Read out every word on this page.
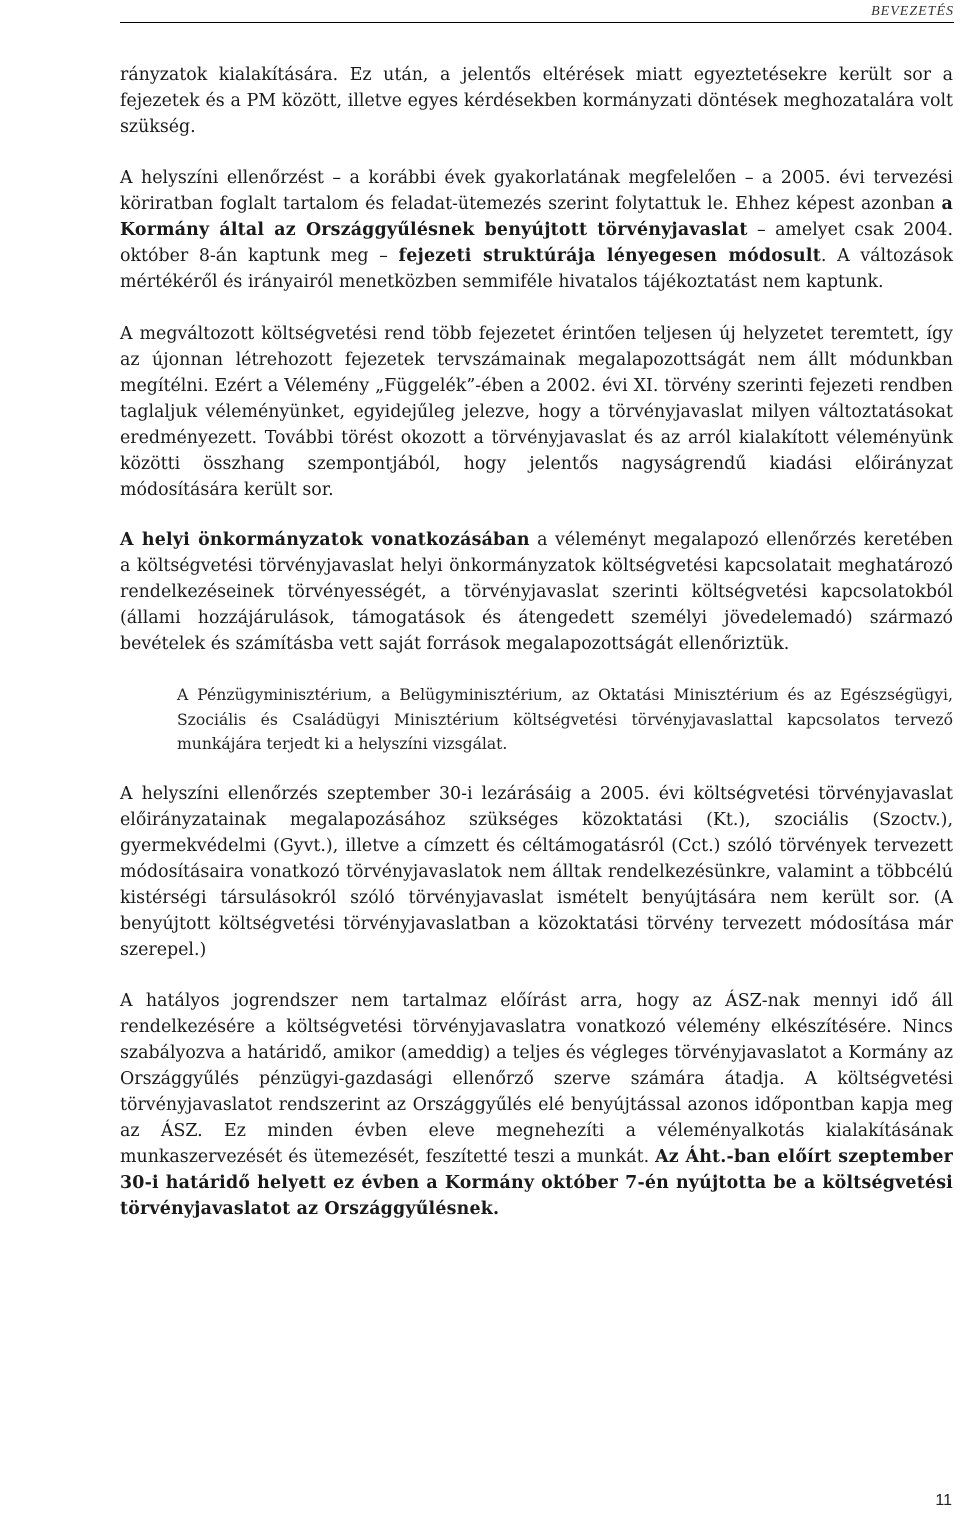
BEVEZETÉS

rányzatok kialakítására. Ez után, a jelentős eltérések miatt egyeztetésekre került sor a fejezetek és a PM között, illetve egyes kérdésekben kormányzati döntések meghozatalára volt szükség.

A helyszíni ellenőrzést – a korábbi évek gyakorlatának megfelelően – a 2005. évi tervezési köriratban foglalt tartalom és feladat-ütemezés szerint folytattuk le. Ehhez képest azonban a Kormány által az Országgyűlésnek benyújtott törvényjavaslat – amelyet csak 2004. október 8-án kaptunk meg – fejezeti struktúrája lényegesen módosult. A változások mértékéről és irányairól menetközben semmiféle hivatalos tájékoztatást nem kaptunk.

A megváltozott költségvetési rend több fejezetet érintően teljesen új helyzetet teremtett, így az újonnan létrehozott fejezetek tervszámainak megalapozottságát nem állt módunkban megítélni. Ezért a Vélemény „Függelék”-ében a 2002. évi XI. törvény szerinti fejezeti rendben taglaljuk véleményünket, egyidejűleg jelezve, hogy a törvényjavaslat milyen változtatásokat eredményezett. További törést okozott a törvényjavaslat és az arról kialakított véleményünk közötti összhang szempontjából, hogy jelentős nagyságrendű kiadási előirányzat módosítására került sor.

A helyi önkormányzatok vonatkozásában a véleményt megalapozó ellenőrzés keretében a költségvetési törvényjavaslat helyi önkormányzatok költségvetési kapcsolatait meghatározó rendelkezéseinek törvényességét, a törvényjavaslat szerinti költségvetési kapcsolatokból (állami hozzájárulások, támogatások és átengedett személyi jövedelemadó) származó bevételek és számításba vett saját források megalapozottságát ellenőriztük.

A Pénzügyminisztérium, a Belügyminisztérium, az Oktatási Minisztérium és az Egészségügyi, Szociális és Családügyi Minisztérium költségvetési törvényjavaslattal kapcsolatos tervező munkájára terjedt ki a helyszíni vizsgálat.

A helyszíni ellenőrzés szeptember 30-i lezárásáig a 2005. évi költségvetési törvényjavaslat előirányzatainak megalapozásához szükséges közoktatási (Kt.), szociális (Szoctv.), gyermekvédelmi (Gyvt.), illetve a címzett és céltámogatásról (Cct.) szóló törvények tervezett módosításaira vonatkozó törvényjavaslatok nem álltak rendelkezésünkre, valamint a többcélú kistérségi társulásokról szóló törvényjavaslat ismételt benyújtására nem került sor. (A benyújtott költségvetési törvényjavaslatban a közoktatási törvény tervezett módosítása már szerepel.)

A hatályos jogrendszer nem tartalmaz előírást arra, hogy az ÁSZ-nak mennyi idő áll rendelkezésére a költségvetési törvényjavaslatra vonatkozó vélemény elkészítésére. Nincs szabályozva a határidő, amikor (ameddig) a teljes és végleges törvényjavaslatot a Kormány az Országgyűlés pénzügyi-gazdasági ellenőrző szerve számára átadja. A költségvetési törvényjavaslatot rendszerint az Országgyűlés elé benyújtással azonos időpontban kapja meg az ÁSZ. Ez minden évben eleve megnehezíti a véleményalkotás kialakításának munkaszervezését és ütemezését, feszítetté teszi a munkát. Az Áht.-ban előírt szeptember 30-i határidő helyett ez évben a Kormány október 7-én nyújtotta be a költségvetési törvényjavaslatot az Országgyűlésnek.

11
